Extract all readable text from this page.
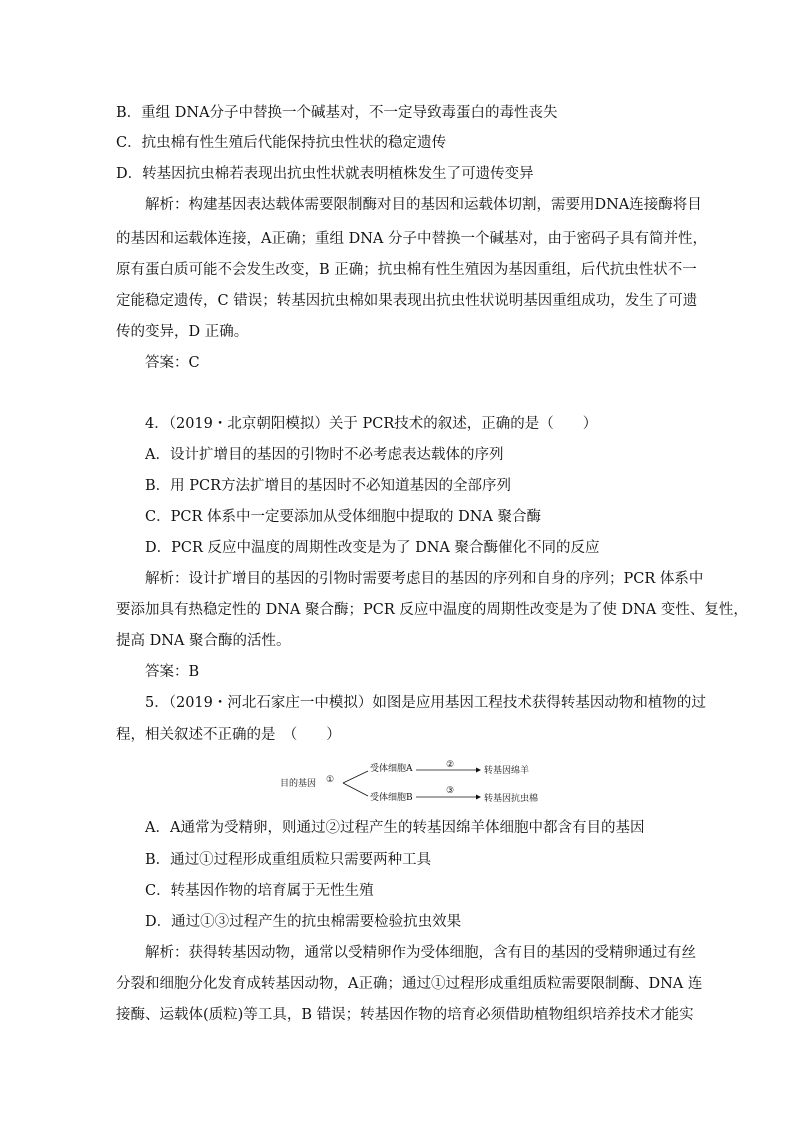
B．重组 DNA分子中替换一个碱基对，不一定导致毒蛋白的毒性丧失
C．抗虫棉有性生殖后代能保持抗虫性状的稳定遗传
D．转基因抗虫棉若表现出抗虫性状就表明植株发生了可遗传变异
解析：构建基因表达载体需要限制酶对目的基因和运载体切割，需要用DNA连接酶将目
的基因和运载体连接，A正确；重组 DNA 分子中替换一个碱基对，由于密码子具有简并性，
原有蛋白质可能不会发生改变，B 正确；抗虫棉有性生殖因为基因重组，后代抗虫性状不一
定能稳定遗传，C 错误；转基因抗虫棉如果表现出抗虫性状说明基因重组成功，发生了可遗
传的变异，D 正确。
答案：C
4．（2019・北京朝阳模拟）关于 PCR技术的叙述，正确的是（　　）
A．设计扩增目的基因的引物时不必考虑表达载体的序列
B．用 PCR方法扩增目的基因时不必知道基因的全部序列
C．PCR 体系中一定要添加从受体细胞中提取的 DNA 聚合酶
D．PCR 反应中温度的周期性改变是为了 DNA 聚合酶催化不同的反应
解析：设计扩增目的基因的引物时需要考虑目的基因的序列和自身的序列；PCR 体系中
要添加具有热稳定性的 DNA 聚合酶；PCR 反应中温度的周期性改变是为了使 DNA 变性、复性，
提高 DNA 聚合酶的活性。
答案：B
5．（2019・河北石家庄一中模拟）如图是应用基因工程技术获得转基因动物和植物的过
程，相关叙述不正确的是　（　　）
目的基因 ①
受体细胞A
受体细胞B
②
③
转基因绵羊
转基因抗虫棉
A．A通常为受精卵，则通过②过程产生的转基因绵羊体细胞中都含有目的基因
B．通过①过程形成重组质粒只需要两种工具
C．转基因作物的培育属于无性生殖
D．通过①③过程产生的抗虫棉需要检验抗虫效果
解析：获得转基因动物，通常以受精卵作为受体细胞，含有目的基因的受精卵通过有丝
分裂和细胞分化发育成转基因动物，A正确；通过①过程形成重组质粒需要限制酶、DNA 连
接酶、运载体(质粒)等工具，B 错误；转基因作物的培育必须借助植物组织培养技术才能实
